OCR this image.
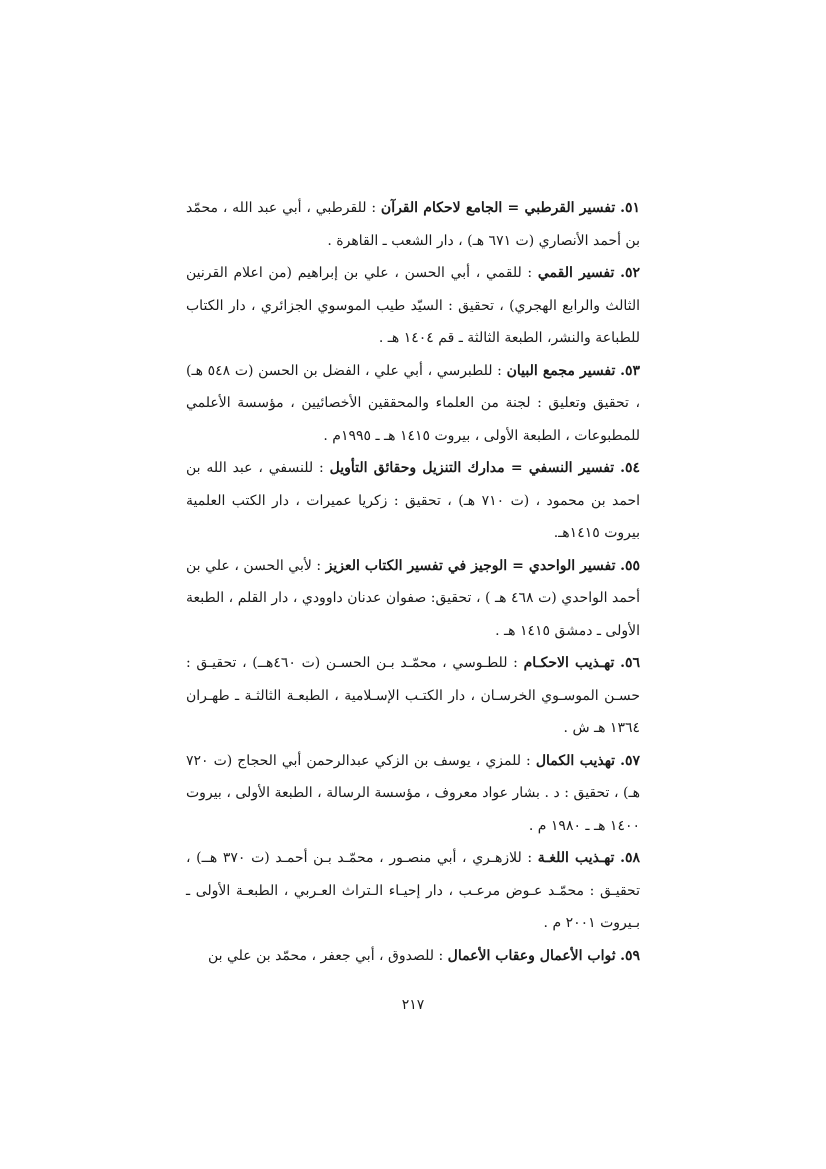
٥١. تفسير القرطبي = الجامع لاحكام القرآن : للقرطبي ، أبي عبد الله ، محمّد بن أحمد الأنصاري (ت ٦٧١ هـ) ، دار الشعب ـ القاهرة .

٥٢. تفسير القمي : للقمي ، أبي الحسن ، علي بن إبراهيم (من اعلام القرنين الثالث والرابع الهجري) ، تحقيق : السيّد طيب الموسوي الجزائري ، دار الكتاب للطباعة والنشر، الطبعة الثالثة ـ قم ١٤٠٤ هـ .

٥٣. تفسير مجمع البيان : للطبرسي ، أبي علي ، الفضل بن الحسن (ت ٥٤٨ هـ) ، تحقيق وتعليق : لجنة من العلماء والمحققين الأخصائيين ، مؤسسة الأعلمي للمطبوعات ، الطبعة الأولى ، بيروت ١٤١٥ هـ ـ ١٩٩٥م .

٥٤. تفسير النسفي = مدارك التنزيل وحقائق التأويل : للنسفي ، عبد الله بن احمد بن محمود ، (ت ٧١٠ هـ) ، تحقيق : زكريا عميرات ، دار الكتب العلمية بيروت ١٤١٥هـ.

٥٥. تفسير الواحدي = الوجيز في تفسير الكتاب العزيز : لأبي الحسن ، علي بن أحمد الواحدي (ت ٤٦٨ هـ ) ، تحقيق: صفوان عدنان داوودي ، دار القلم ، الطبعة الأولى ـ دمشق ١٤١٥ هـ .

٥٦. تهـذيب الاحكـام : للطـوسي ، محمّـد بـن الحسـن (ت ٤٦٠هــ) ، تحقيـق : حسـن الموسـوي الخرسـان ، دار الكتـب الإسـلامية ، الطبعـة الثالثـة ـ طهـران ١٣٦٤ هـ ش .

٥٧. تهذيب الكمال : للمزي ، يوسف بن الزكي عبدالرحمن أبي الحجاج (ت ٧٢٠ هـ) ، تحقيق : د . بشار عواد معروف ، مؤسسة الرسالة ، الطبعة الأولى ، بيروت ١٤٠٠ هـ ـ ١٩٨٠ م .

٥٨. تهـذيب اللغـة : للازهـري ، أبي منصـور ، محمّـد بـن أحمـد (ت ٣٧٠ هــ) ، تحقيـق : محمّـد عـوض مرعـب ، دار إحيـاء الـتراث العـربي ، الطبعـة الأولى ـ بـيروت ٢٠٠١ م .

٥٩. ثواب الأعمال وعقاب الأعمال : للصدوق ، أبي جعفر ، محمّد بن علي بن

٢١٧
